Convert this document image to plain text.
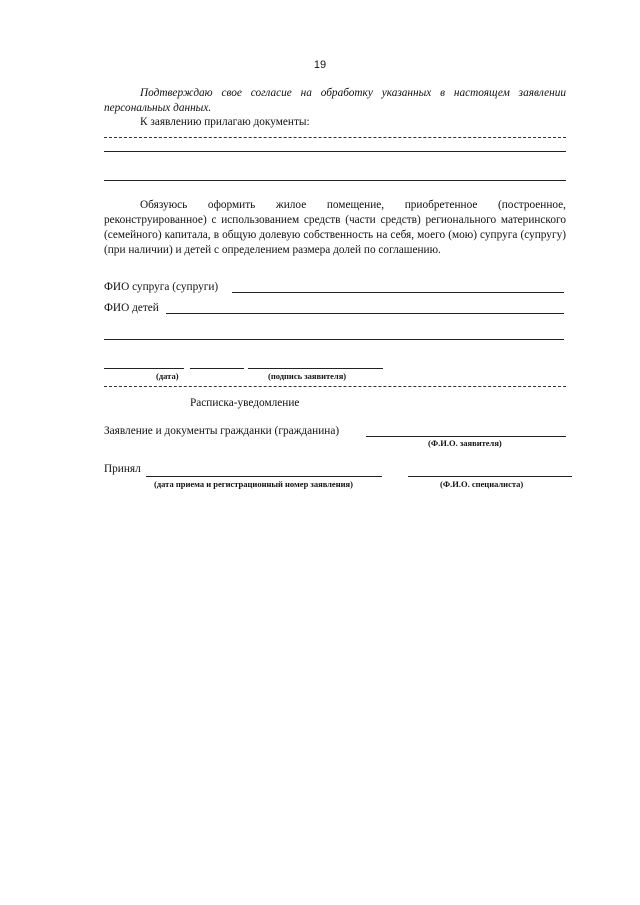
19
Подтверждаю свое согласие на обработку указанных в настоящем заявлении персональных данных.
К заявлению прилагаю документы:
Обязуюсь оформить жилое помещение, приобретенное (построенное, реконструированное) с использованием средств (части средств) регионального материнского (семейного) капитала, в общую долевую собственность на себя, моего (мою) супруга (супругу) (при наличии) и детей с определением размера долей по соглашению.
ФИО супруга (супруги)
ФИО детей
(дата)	(подпись заявителя)
Расписка-уведомление
Заявление и документы гражданки (гражданина)
(Ф.И.О. заявителя)
Принял
(дата приема и регистрационный номер заявления)	(Ф.И.О. специалиста)
